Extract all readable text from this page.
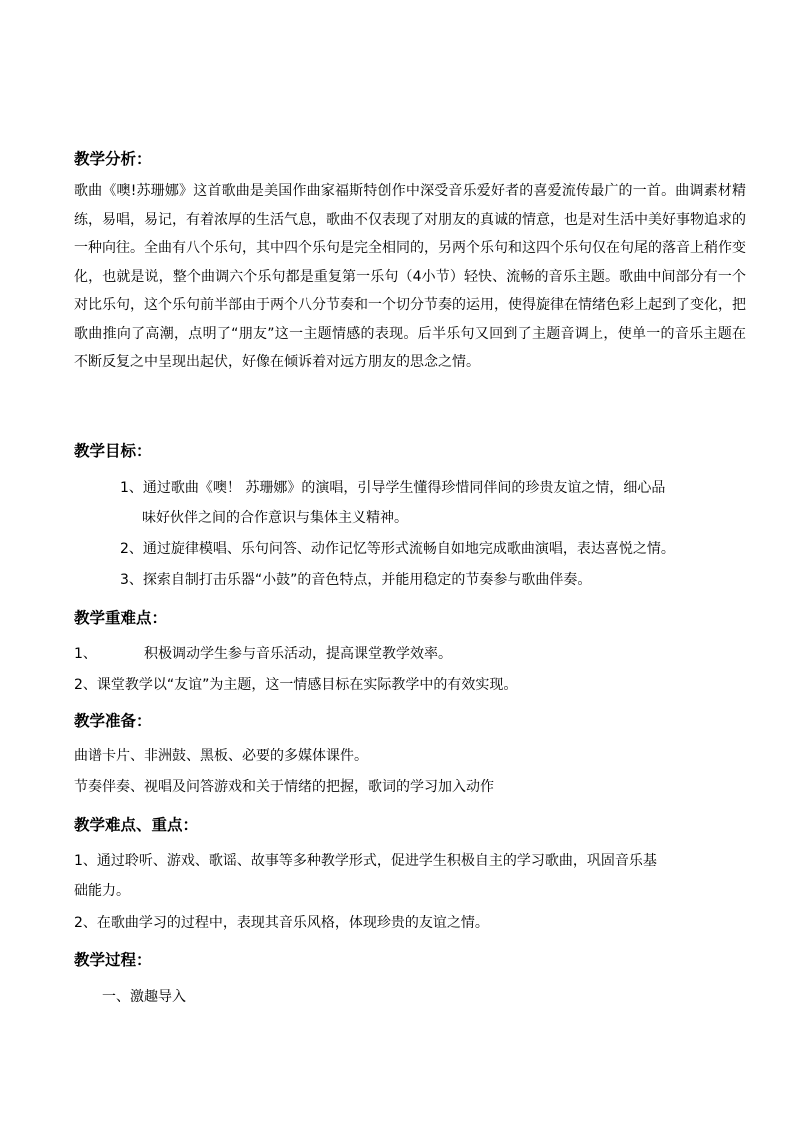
教学分析：
歌曲《噢!苏珊娜》这首歌曲是美国作曲家福斯特创作中深受音乐爱好者的喜爱流传最广的一首。曲调素材精练，易唱，易记，有着浓厚的生活气息，歌曲不仅表现了对朋友的真诚的情意，也是对生活中美好事物追求的一种向往。全曲有八个乐句，其中四个乐句是完全相同的，另两个乐句和这四个乐句仅在句尾的落音上稍作变化，也就是说，整个曲调六个乐句都是重复第一乐句（4小节）轻快、流畅的音乐主题。歌曲中间部分有一个对比乐句，这个乐句前半部由于两个八分节奏和一个切分节奏的运用，使得旋律在情绪色彩上起到了变化，把歌曲推向了高潮，点明了“朋友”这一主题情感的表现。后半乐句又回到了主题音调上，使单一的音乐主题在不断反复之中呈现出起伏，好像在倾诉着对远方朋友的思念之情。
教学目标：
1、通过歌曲《噢！ 苏珊娜》的演唱，引导学生懂得珍惜同伴间的珍贵友谊之情，细心品
味好伙伴之间的合作意识与集体主义精神。
2、通过旋律模唱、乐句问答、动作记忆等形式流畅自如地完成歌曲演唱，表达喜悦之情。
3、探索自制打击乐器“小鼓”的音色特点，并能用稳定的节奏参与歌曲伴奏。
教学重难点：
1、	积极调动学生参与音乐活动，提高课堂教学效率。
2、课堂教学以“友谊”为主题，这一情感目标在实际教学中的有效实现。
教学准备：
曲谱卡片、非洲鼓、黑板、必要的多媒体课件。
节奏伴奏、视唱及问答游戏和关于情绪的把握，歌词的学习加入动作
教学难点、重点：
1、通过聆听、游戏、歌谣、故事等多种教学形式，促进学生积极自主的学习歌曲，巩固音乐基
础能力。
2、在歌曲学习的过程中，表现其音乐风格，体现珍贵的友谊之情。
教学过程：
一、激趣导入
